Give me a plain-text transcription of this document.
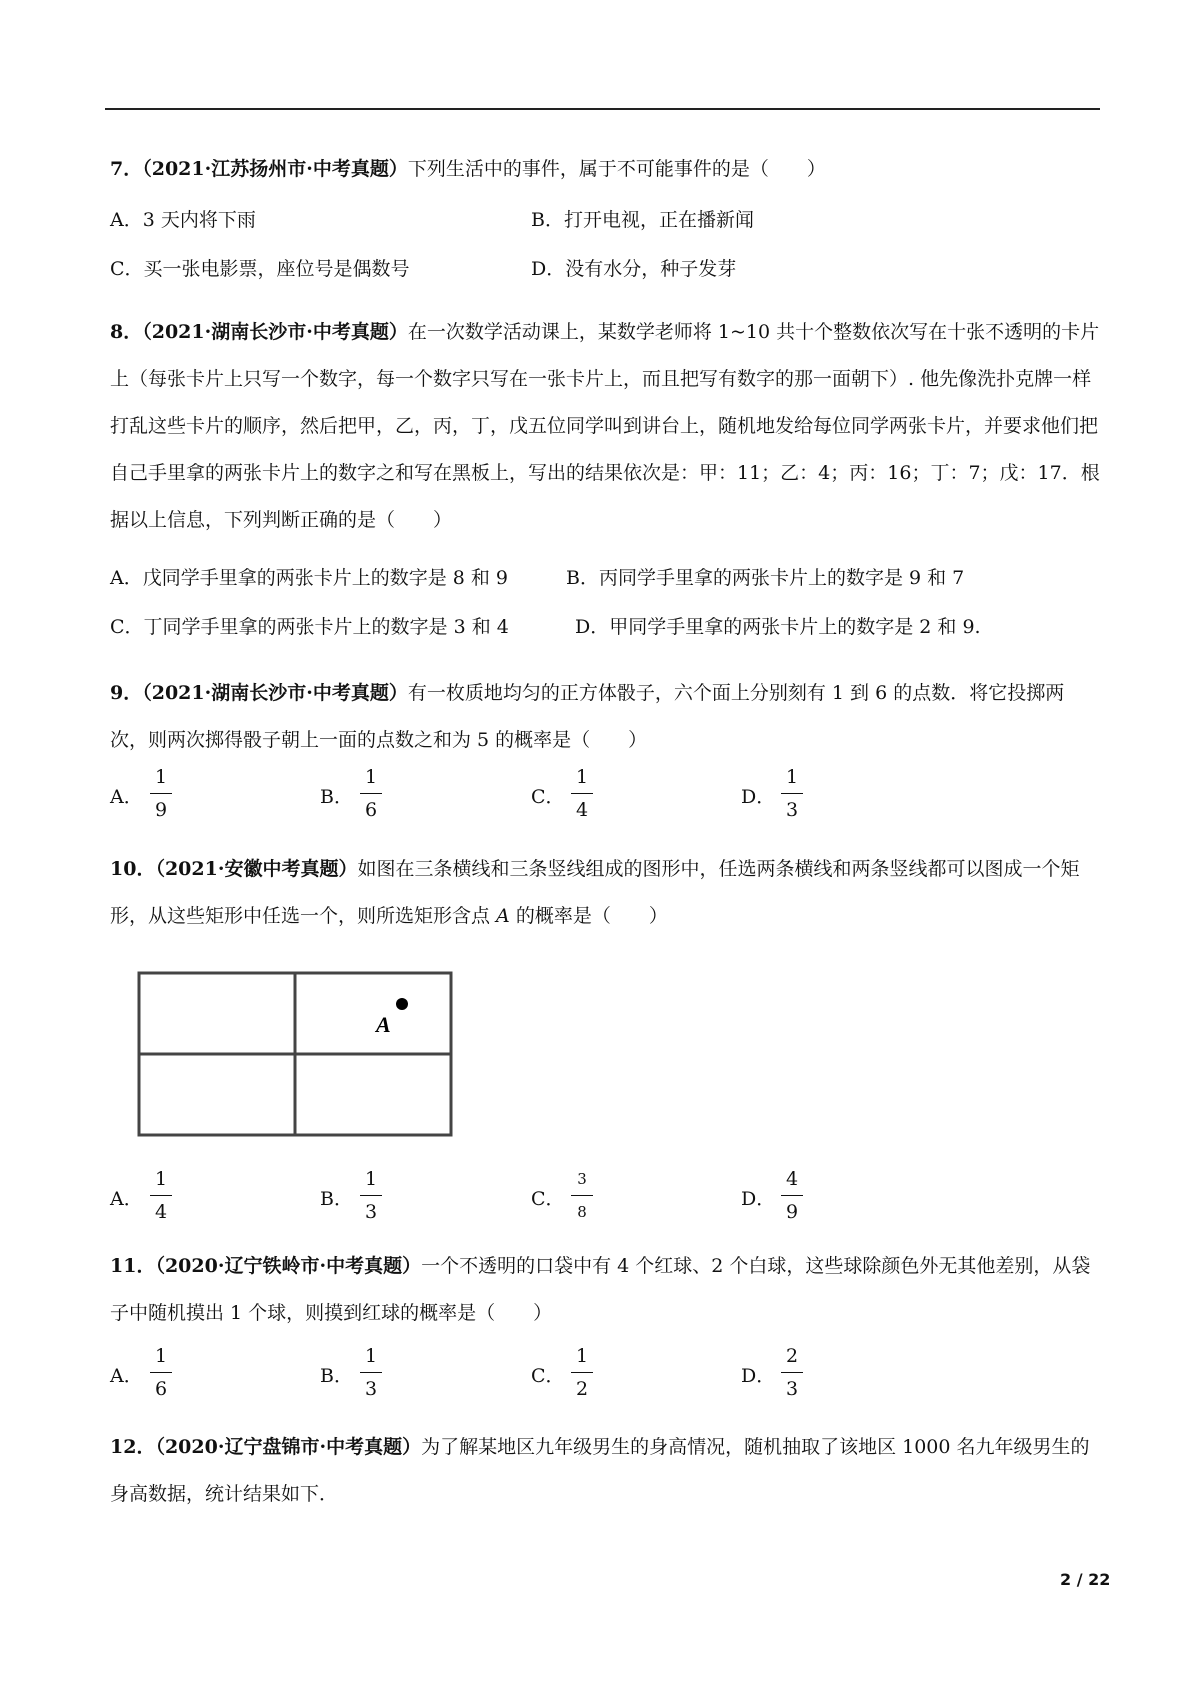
7．（2021·江苏扬州市·中考真题）下列生活中的事件，属于不可能事件的是（　　）

A．3 天内将下雨	B．打开电视，正在播新闻
C．买一张电影票，座位号是偶数号	D．没有水分，种子发芽

8．（2021·湖南长沙市·中考真题）在一次数学活动课上，某数学老师将 1~10 共十个整数依次写在十张不透明的卡片上（每张卡片上只写一个数字，每一个数字只写在一张卡片上，而且把写有数字的那一面朝下）. 他先像洗扑克牌一样打乱这些卡片的顺序，然后把甲，乙，丙，丁，戊五位同学叫到讲台上，随机地发给每位同学两张卡片，并要求他们把自己手里拿的两张卡片上的数字之和写在黑板上，写出的结果依次是：甲：11；乙：4；丙：16；丁：7；戊：17．根据以上信息，下列判断正确的是（　　）

A．戊同学手里拿的两张卡片上的数字是 8 和 9	B．丙同学手里拿的两张卡片上的数字是 9 和 7
C．丁同学手里拿的两张卡片上的数字是 3 和 4	D．甲同学手里拿的两张卡片上的数字是 2 和 9.

9．（2021·湖南长沙市·中考真题）有一枚质地均匀的正方体骰子，六个面上分别刻有 1 到 6 的点数．将它投掷两次，则两次掷得骰子朝上一面的点数之和为 5 的概率是（　　）

A．
1
9
B．
1
6
C．
1
4
D．
1
3

10．（2021·安徽中考真题）如图在三条横线和三条竖线组成的图形中，任选两条横线和两条竖线都可以图成一个矩形，从这些矩形中任选一个，则所选矩形含点 A 的概率是（　　）

A
A．
1
4
B．
1
3
C．
3
8
D．
4
9

11．（2020·辽宁铁岭市·中考真题）一个不透明的口袋中有 4 个红球、2 个白球，这些球除颜色外无其他差别，从袋子中随机摸出 1 个球，则摸到红球的概率是（　　）

A．
1
6
B．
1
3
C．
1
2
D．
2
3

12．（2020·辽宁盘锦市·中考真题）为了解某地区九年级男生的身高情况，随机抽取了该地区 1000 名九年级男生的身高数据，统计结果如下．

2 / 22
